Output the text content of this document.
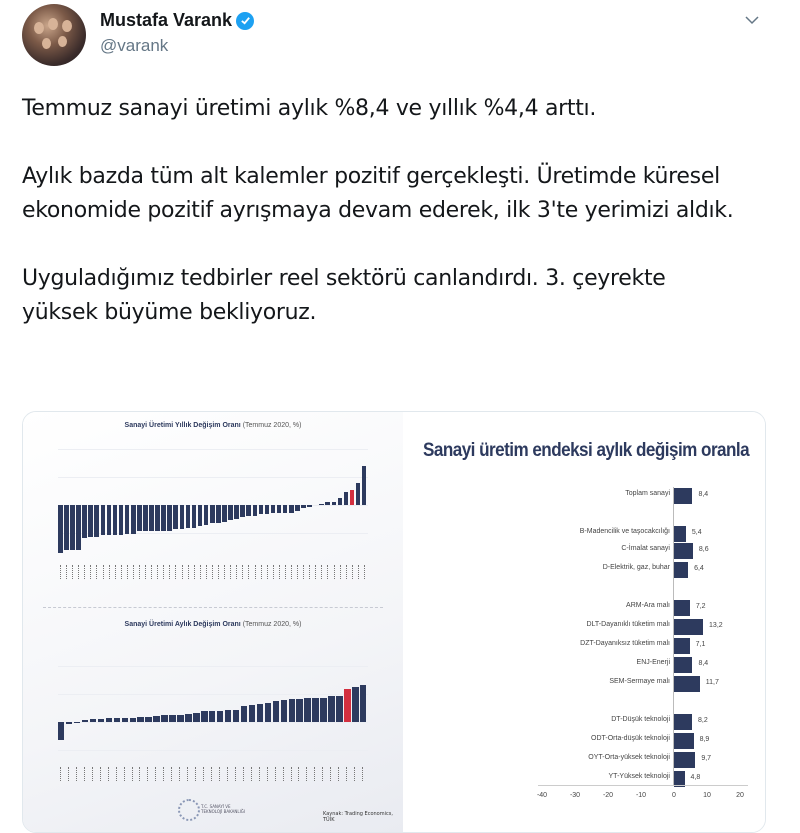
Mustafa Varank
@varank

Temmuz sanayi üretimi aylık %8,4 ve yıllık %4,4 arttı.

Aylık bazda tüm alt kalemler pozitif gerçekleşti. Üretimde küresel ekonomide pozitif ayrışmaya devam ederek, ilk 3'te yerimizi aldık.

Uyguladığımız tedbirler reel sektörü canlandırdı. 3. çeyrekte yüksek büyüme bekliyoruz.

Sanayi Üretimi Yıllık Değişim Oranı (Temmuz 2020, %)
Sanayi Üretimi Aylık Değişim Oranı (Temmuz 2020, %)
T.C. SANAYİ VE TEKNOLOJİ BAKANLIĞI	Kaynak: Trading Economics, TÜİK
Sanayi üretim endeksi aylık değişim oranla
Toplam sanayi	8,4
B-Madencilik ve taşocakcılığı	5,4
C-İmalat sanayi	8,6
D-Elektrik, gaz, buhar	6,4
ARM-Ara malı	7,2
DLT-Dayanıklı tüketim malı	13,2
DZT-Dayanıksız tüketim malı	7,1
ENJ-Enerji	8,4
SEM-Sermaye malı	11,7
DT-Düşük teknoloji	8,2
ODT-Orta-düşük teknoloji	8,9
OYT-Orta-yüksek teknoloji	9,7
YT-Yüksek teknoloji	4,8
-40	-30	-20	-10	0	10	20
